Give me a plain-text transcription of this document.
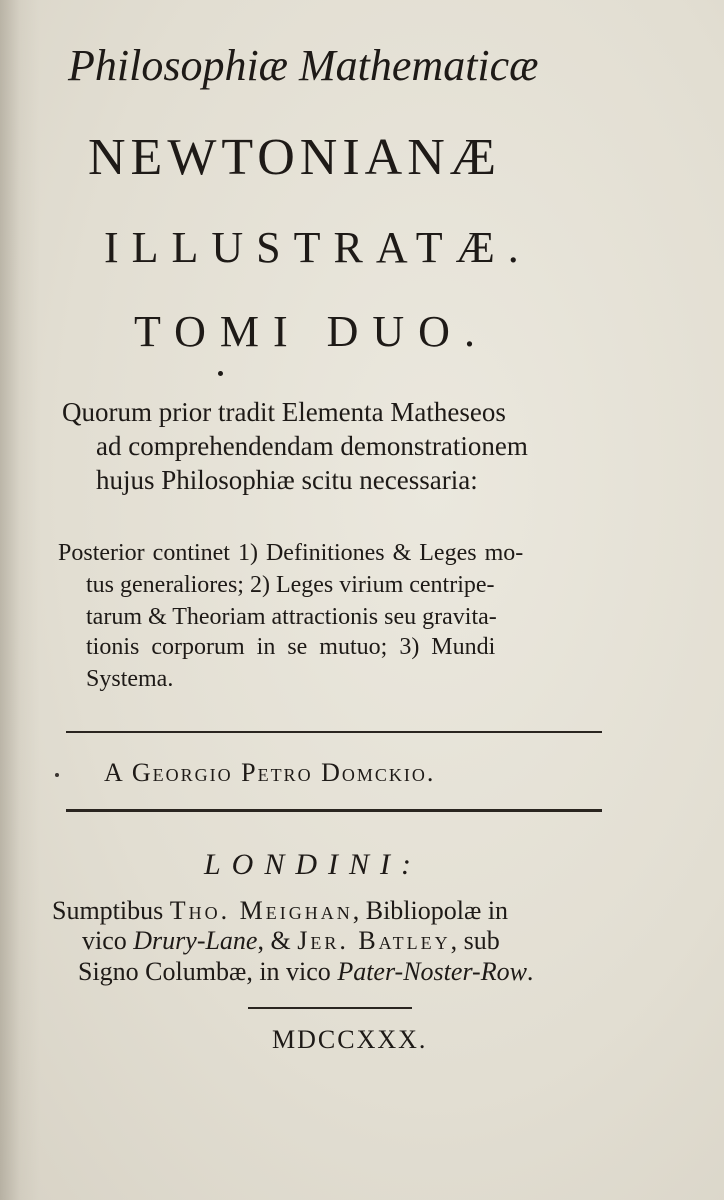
Philosophiæ Mathematicæ
NEWTONIANÆ
ILLUSTRATÆ.
TOMI DUO.
Quorum prior tradit Elementa Matheseos
ad comprehendendam demonstrationem
hujus Philosophiæ scitu necessaria:
Posterior continet 1) Definitiones & Leges mo-
tus generaliores; 2) Leges virium centripe-
tarum & Theoriam attractionis seu gravita-
tionis corporum in se mutuo; 3) Mundi
Systema.
A Georgio Petro Domckio.
LONDINI:
Sumptibus Tho. Meighan, Bibliopolæ in
vico Drury-Lane, & Jer. Batley, sub
Signo Columbæ, in vico Pater-Noster-Row.
MDCCXXX.
